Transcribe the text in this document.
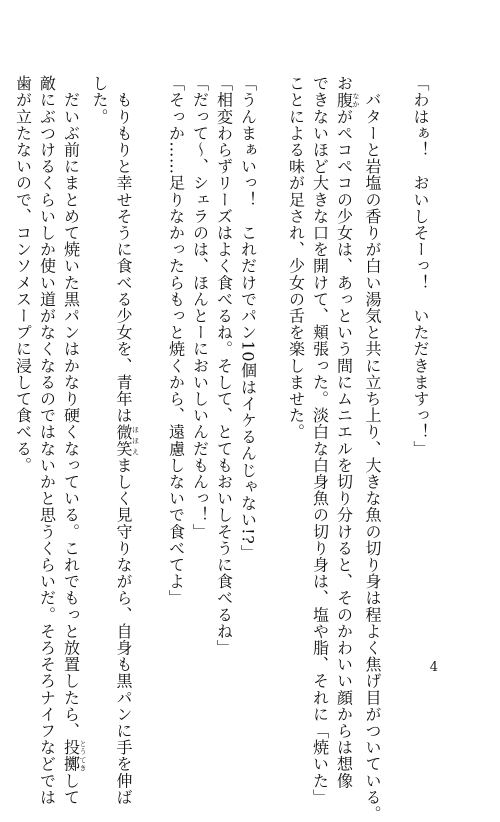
「わはぁ！　おいしそーっ！　いただきますっ！」
　バターと岩塩の香りが白い湯気と共に立ち上り、大きな魚の切り身は程よく焦げ目がついている。
お腹なかがペコペコの少女は、あっという間にムニエルを切り分けると、そのかわいい顔からは想像
できないほど大きな口を開けて、頬張った。淡白な白身魚の切り身は、塩や脂、それに「焼いた」
ことによる味が足され、少女の舌を楽しませた。
「うんまぁいっ！　これだけでパン10個はイケるんじゃない!?」
「相変わらずリーズはよく食べるね。そして、とてもおいしそうに食べるね」
「だって～、シェラのは、ほんとーにおいしいんだもんっ！」
「そっか……足りなかったらもっと焼くから、遠慮しないで食べてよ」
　もりもりと幸せそうに食べる少女を、青年は微笑ほほえましく見守りながら、自身も黒パンに手を伸ば
した。
　だいぶ前にまとめて焼いた黒パンはかなり硬くなっている。これでもっと放置したら、投擲とうてきして
敵にぶつけるくらいしか使い道がなくなるのではないかと思うくらいだ。そろそろナイフなどでは
歯が立たないので、コンソメスープに浸して食べる。
4
